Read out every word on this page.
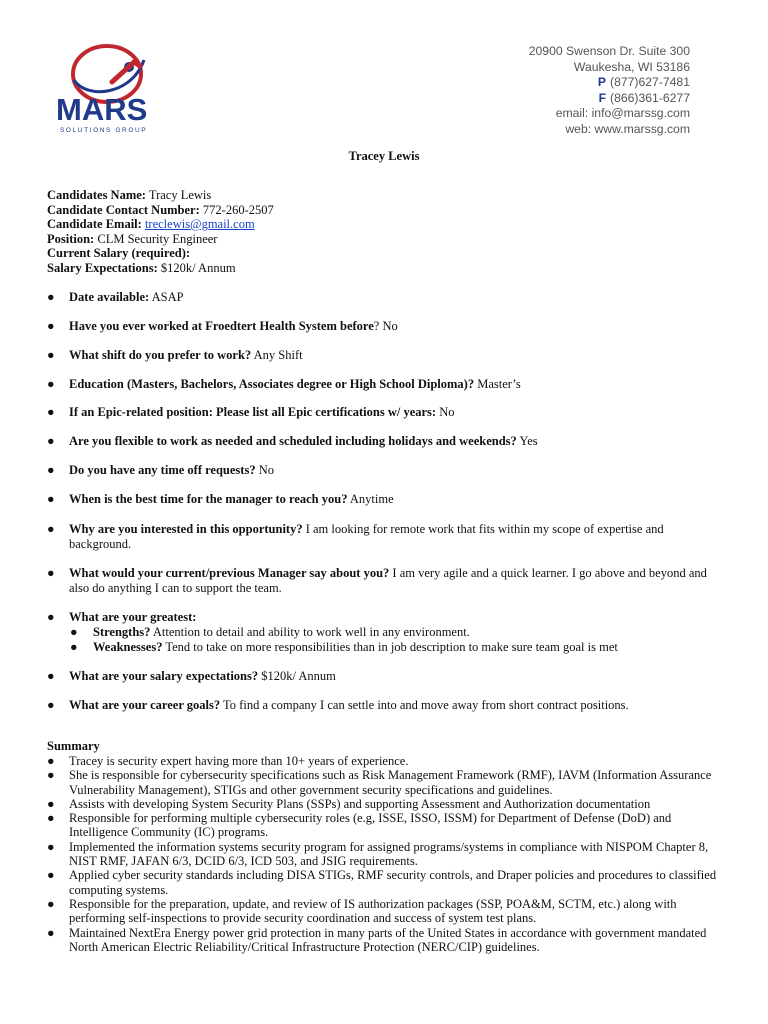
MARS
SOLUTIONS GROUP
20900 Swenson Dr. Suite 300
Waukesha, WI 53186
P (877)627-7481
F (866)361-6277
email: info@marssg.com
web: www.marssg.com
Tracey Lewis
Candidates Name: Tracy Lewis
Candidate Contact Number: 772-260-2507
Candidate Email: treclewis@gmail.com
Position: CLM Security Engineer
Current Salary (required):
Salary Expectations: $120k/ Annum
● Date available: ASAP
● Have you ever worked at Froedtert Health System before? No
● What shift do you prefer to work? Any Shift
● Education (Masters, Bachelors, Associates degree or High School Diploma)? Master’s
● If an Epic-related position: Please list all Epic certifications w/ years: No
● Are you flexible to work as needed and scheduled including holidays and weekends? Yes
● Do you have any time off requests? No
● When is the best time for the manager to reach you? Anytime
● Why are you interested in this opportunity? I am looking for remote work that fits within my scope of expertise and background.
● What would your current/previous Manager say about you? I am very agile and a quick learner. I go above and beyond and also do anything I can to support the team.
● What are your greatest:
● Strengths? Attention to detail and ability to work well in any environment.
● Weaknesses? Tend to take on more responsibilities than in job description to make sure team goal is met
● What are your salary expectations? $120k/ Annum
● What are your career goals? To find a company I can settle into and move away from short contract positions.
Summary
● Tracey is security expert having more than 10+ years of experience.
● She is responsible for cybersecurity specifications such as Risk Management Framework (RMF), IAVM (Information Assurance Vulnerability Management), STIGs and other government security specifications and guidelines.
● Assists with developing System Security Plans (SSPs) and supporting Assessment and Authorization documentation
● Responsible for performing multiple cybersecurity roles (e.g, ISSE, ISSO, ISSM) for Department of Defense (DoD) and Intelligence Community (IC) programs.
● Implemented the information systems security program for assigned programs/systems in compliance with NISPOM Chapter 8, NIST RMF, JAFAN 6/3, DCID 6/3, ICD 503, and JSIG requirements.
● Applied cyber security standards including DISA STIGs, RMF security controls, and Draper policies and procedures to classified computing systems.
● Responsible for the preparation, update, and review of IS authorization packages (SSP, POA&M, SCTM, etc.) along with performing self-inspections to provide security coordination and success of system test plans.
● Maintained NextEra Energy power grid protection in many parts of the United States in accordance with government mandated North American Electric Reliability/Critical Infrastructure Protection (NERC/CIP) guidelines.
